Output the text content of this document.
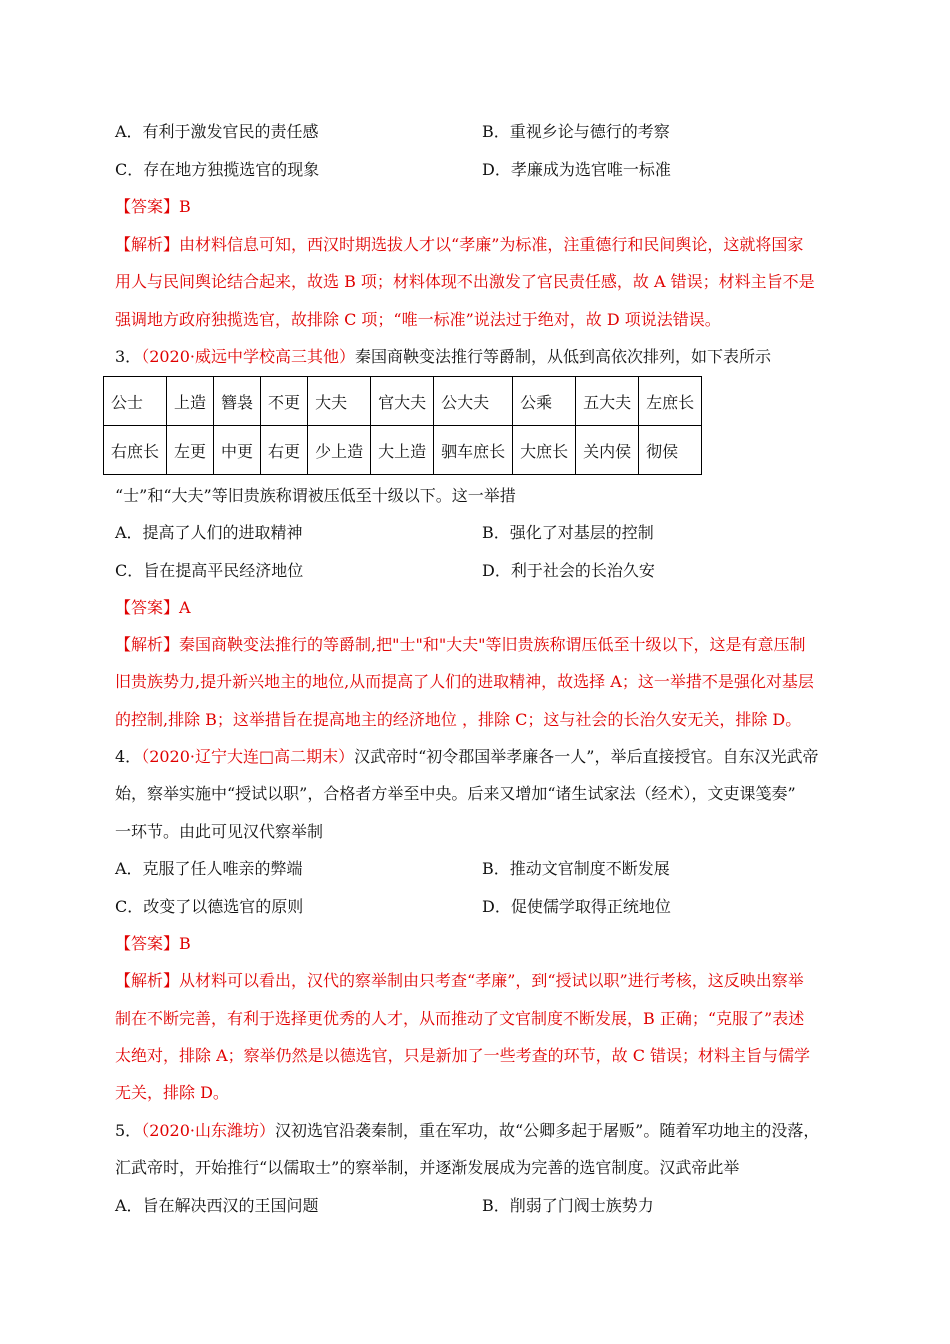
A．有利于激发官民的责任感	B．重视乡论与德行的考察
C．存在地方独揽选官的现象	D．孝廉成为选官唯一标准
【答案】B
【解析】由材料信息可知，西汉时期选拔人才以“孝廉”为标准，注重德行和民间舆论，这就将国家
用人与民间舆论结合起来，故选 B 项；材料体现不出激发了官民责任感，故 A 错误；材料主旨不是
强调地方政府独揽选官，故排除 C 项；“唯一标准”说法过于绝对，故 D 项说法错误。
3．（2020·威远中学校高三其他）秦国商鞅变法推行等爵制，从低到高依次排列，如下表所示
公士	上造	簪袅	不更	大夫	官大夫	公大夫	公乘	五大夫	左庶长
右庶长	左更	中更	右更	少上造	大上造	驷车庶长	大庶长	关内侯	彻侯
“士”和“大夫”等旧贵族称谓被压低至十级以下。这一举措
A．提高了人们的进取精神	B．强化了对基层的控制
C．旨在提高平民经济地位	D．利于社会的长治久安
【答案】A
【解析】秦国商鞅变法推行的等爵制,把"士"和"大夫"等旧贵族称谓压低至十级以下，这是有意压制
旧贵族势力,提升新兴地主的地位,从而提高了人们的进取精神，故选择 A；这一举措不是强化对基层
的控制,排除 B；这举措旨在提高地主的经济地位 ，排除 C；这与社会的长治久安无关，排除 D。
4．（2020·辽宁大连□高二期末）汉武帝时“初令郡国举孝廉各一人”，举后直接授官。自东汉光武帝
始，察举实施中“授试以职”，合格者方举至中央。后来又增加“诸生试家法（经术），文吏课笺奏”
一环节。由此可见汉代察举制
A．克服了任人唯亲的弊端	B．推动文官制度不断发展
C．改变了以德选官的原则	D．促使儒学取得正统地位
【答案】B
【解析】从材料可以看出，汉代的察举制由只考查“孝廉”，到“授试以职”进行考核，这反映出察举
制在不断完善，有利于选择更优秀的人才，从而推动了文官制度不断发展，B 正确；“克服了”表述
太绝对，排除 A；察举仍然是以德选官，只是新加了一些考查的环节，故 C 错误；材料主旨与儒学
无关，排除 D。
5．（2020·山东潍坊）汉初选官沿袭秦制，重在军功，故“公卿多起于屠贩”。随着军功地主的没落，
汇武帝时，开始推行“以儒取士”的察举制，并逐渐发展成为完善的选官制度。汉武帝此举
A．旨在解决西汉的王国问题	B．削弱了门阀士族势力
